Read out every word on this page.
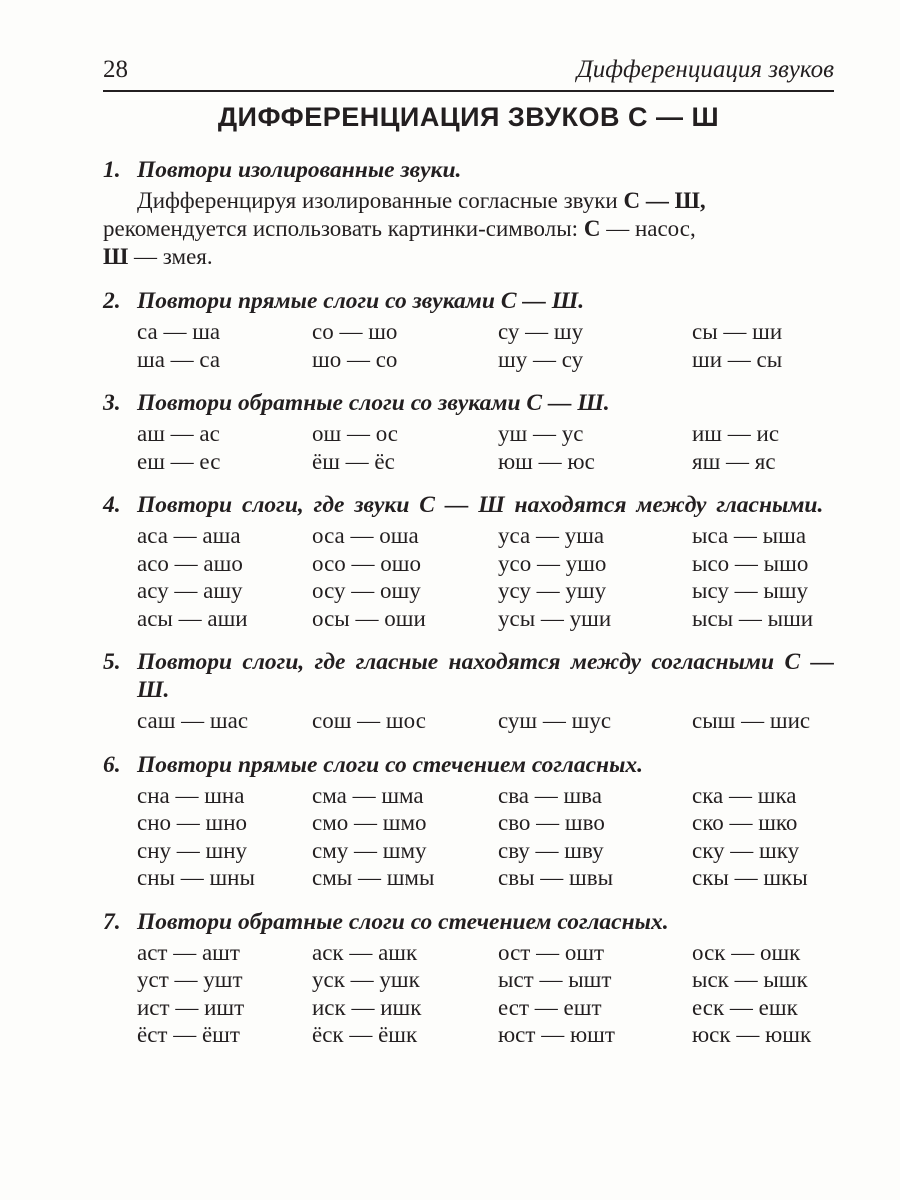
28	Дифференциация звуков
ДИФФЕРЕНЦИАЦИЯ ЗВУКОВ С — Ш
1. Повтори изолированные звуки.
Дифференцируя изолированные согласные звуки С — Ш,
рекомендуется использовать картинки-символы: С — насос,
Ш — змея.
2. Повтори прямые слоги со звуками С — Ш.
са — ша	со — шо	су — шу	сы — ши
ша — са	шо — со	шу — су	ши — сы
3. Повтори обратные слоги со звуками С — Ш.
аш — ас	ош — ос	уш — ус	иш — ис
еш — ес	ёш — ёс	юш — юс	яш — яс
4. Повтори слоги, где звуки С — Ш находятся между гласными.
аса — аша	оса — оша	уса — уша	ыса — ыша
асо — ашо	осо — ошо	усо — ушо	ысо — ышо
асу — ашу	осу — ошу	усу — ушу	ысу — ышу
асы — аши	осы — оши	усы — уши	ысы — ыши
5. Повтори слоги, где гласные находятся между согласными С — Ш.
саш — шас	сош — шос	суш — шус	сыш — шис
6. Повтори прямые слоги со стечением согласных.
сна — шна	сма — шма	сва — шва	ска — шка
сно — шно	смо — шмо	сво — шво	ско — шко
сну — шну	сму — шму	сву — шву	ску — шку
сны — шны	смы — шмы	свы — швы	скы — шкы
7. Повтори обратные слоги со стечением согласных.
аст — ашт	аск — ашк	ост — ошт	оск — ошк
уст — ушт	уск — ушк	ыст — ышт	ыск — ышк
ист — ишт	иск — ишк	ест — ешт	еск — ешк
ёст — ёшт	ёск — ёшк	юст — юшт	юск — юшк
